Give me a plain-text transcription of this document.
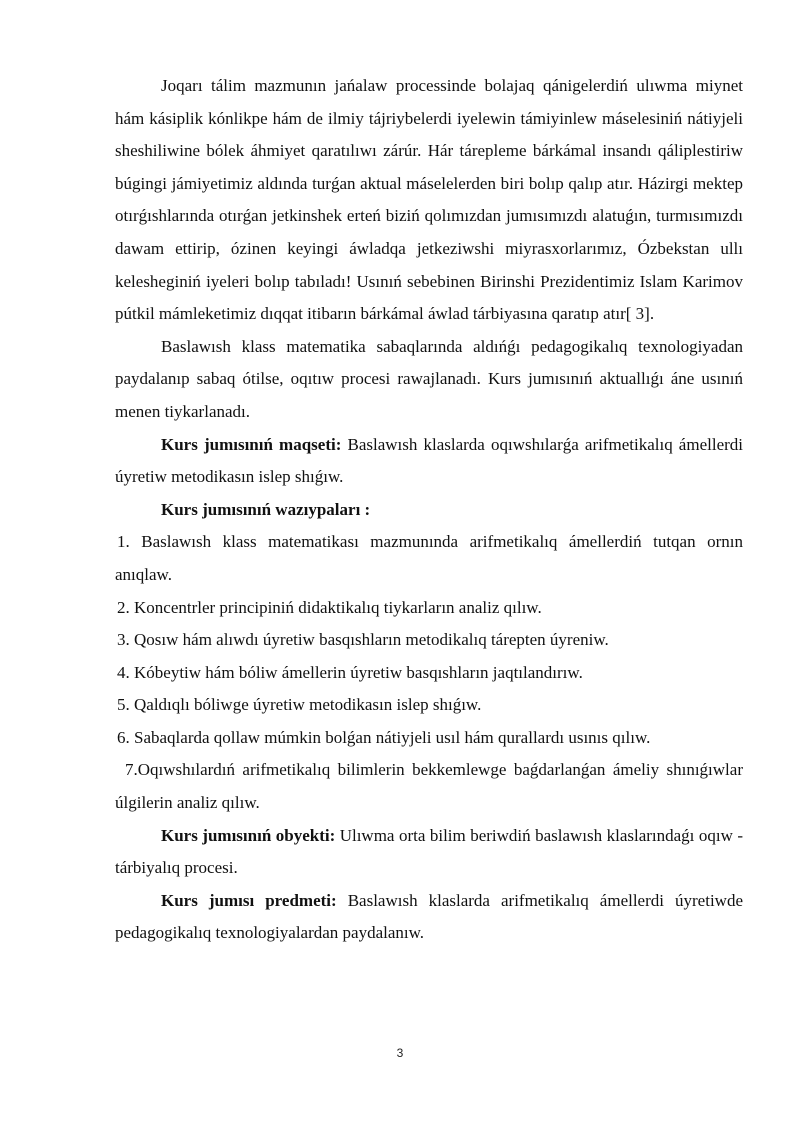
Joqarı tálim mazmunın jańalaw processinde bolajaq qánigelerdiń ulıwma miynet hám kásiplik kónlikpe hám de ilmiy tájriybelerdi iyelewin támiyinlew máselesiniń nátiyjeli sheshiliwine bólek áhmiyet qaratılıwı zárúr. Hár tárepleme bárkámal insandı qáliplestiriw búgingi jámiyetimiz aldında turǵan aktual máselelerden biri bolıp qalıp atır. Házirgi mektep otırǵıshlarında otırǵan jetkinshek erteń biziń qolımızdan jumısımızdı alatuǵın, turmısımızdı dawam ettirip, ózinen keyingi áwladqa jetkeziwshi miyrasxorlarımız, Ózbekstan ullı kelesheginiń iyeleri bolıp tabıladı! Usınıń sebebinen Birinshi Prezidentimiz Islam Karimov pútkil mámleketimiz dıqqat itibarın bárkámal áwlad tárbiyasına qaratıp atır[ 3].

Baslawısh klass matematika sabaqlarında aldıńǵı pedagogikalıq texnologiyadan paydalanıp sabaq ótilse, oqıtıw procesi rawajlanadı. Kurs jumısınıń aktuallıǵı áne usınıń menen tiykarlanadı.

Kurs jumısınıń maqseti: Baslawısh klaslarda oqıwshılarǵa arifmetikalıq ámellerdi úyretiw metodikasın islep shıǵıw.

Kurs jumısınıń wazıypaları :

1. Baslawısh klass matematikası mazmunında arifmetikalıq ámellerdiń tutqan ornın anıqlaw.

2. Koncentrler principiniń didaktikalıq tiykarların analiz qılıw.

3. Qosıw hám alıwdı úyretiw basqıshların metodikalıq tárepten úyreniw.

4. Kóbeytiw hám bóliw ámellerin úyretiw basqıshların jaqtılandırıw.

5. Qaldıqlı bóliwge úyretiw metodikasın islep shıǵıw.

6. Sabaqlarda qollaw múmkin bolǵan nátiyjeli usıl hám qurallardı usınıs qılıw.

7.Oqıwshılardıń arifmetikalıq bilimlerin bekkemlewge baǵdarlanǵan ámeliy shınıǵıwlar úlgilerin analiz qılıw.

Kurs jumısınıń obyekti: Ulıwma orta bilim beriwdiń baslawısh klaslarındaǵı oqıw -tárbiyalıq procesi.

Kurs jumısı predmeti: Baslawısh klaslarda arifmetikalıq ámellerdi úyretiwde pedagogikalıq texnologiyalardan paydalanıw.

3
